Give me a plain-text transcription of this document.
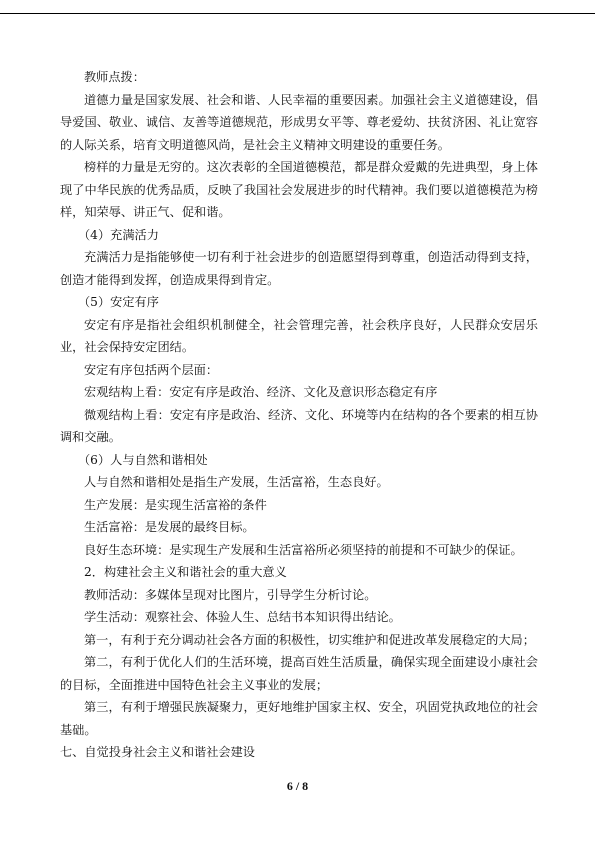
教师点拨：

道德力量是国家发展、社会和谐、人民幸福的重要因素。加强社会主义道德建设，倡导爱国、敬业、诚信、友善等道德规范，形成男女平等、尊老爱幼、扶贫济困、礼让宽容的人际关系，培育文明道德风尚，是社会主义精神文明建设的重要任务。

榜样的力量是无穷的。这次表彰的全国道德模范，都是群众爱戴的先进典型，身上体现了中华民族的优秀品质，反映了我国社会发展进步的时代精神。我们要以道德模范为榜样，知荣辱、讲正气、促和谐。

（4）充满活力

充满活力是指能够使一切有利于社会进步的创造愿望得到尊重，创造活动得到支持，创造才能得到发挥，创造成果得到肯定。

（5）安定有序

安定有序是指社会组织机制健全，社会管理完善，社会秩序良好，人民群众安居乐业，社会保持安定团结。

安定有序包括两个层面：

宏观结构上看：安定有序是政治、经济、文化及意识形态稳定有序

微观结构上看：安定有序是政治、经济、文化、环境等内在结构的各个要素的相互协调和交融。

（6）人与自然和谐相处

人与自然和谐相处是指生产发展，生活富裕，生态良好。

生产发展：是实现生活富裕的条件

生活富裕：是发展的最终目标。

良好生态环境：是实现生产发展和生活富裕所必须坚持的前提和不可缺少的保证。

2．构建社会主义和谐社会的重大意义

教师活动：多媒体呈现对比图片，引导学生分析讨论。

学生活动：观察社会、体验人生、总结书本知识得出结论。

第一，有利于充分调动社会各方面的积极性，切实维护和促进改革发展稳定的大局；

第二，有利于优化人们的生活环境，提高百姓生活质量，确保实现全面建设小康社会的目标，全面推进中国特色社会主义事业的发展；

第三，有利于增强民族凝聚力，更好地维护国家主权、安全，巩固党执政地位的社会基础。

七、自觉投身社会主义和谐社会建设

6 / 8
